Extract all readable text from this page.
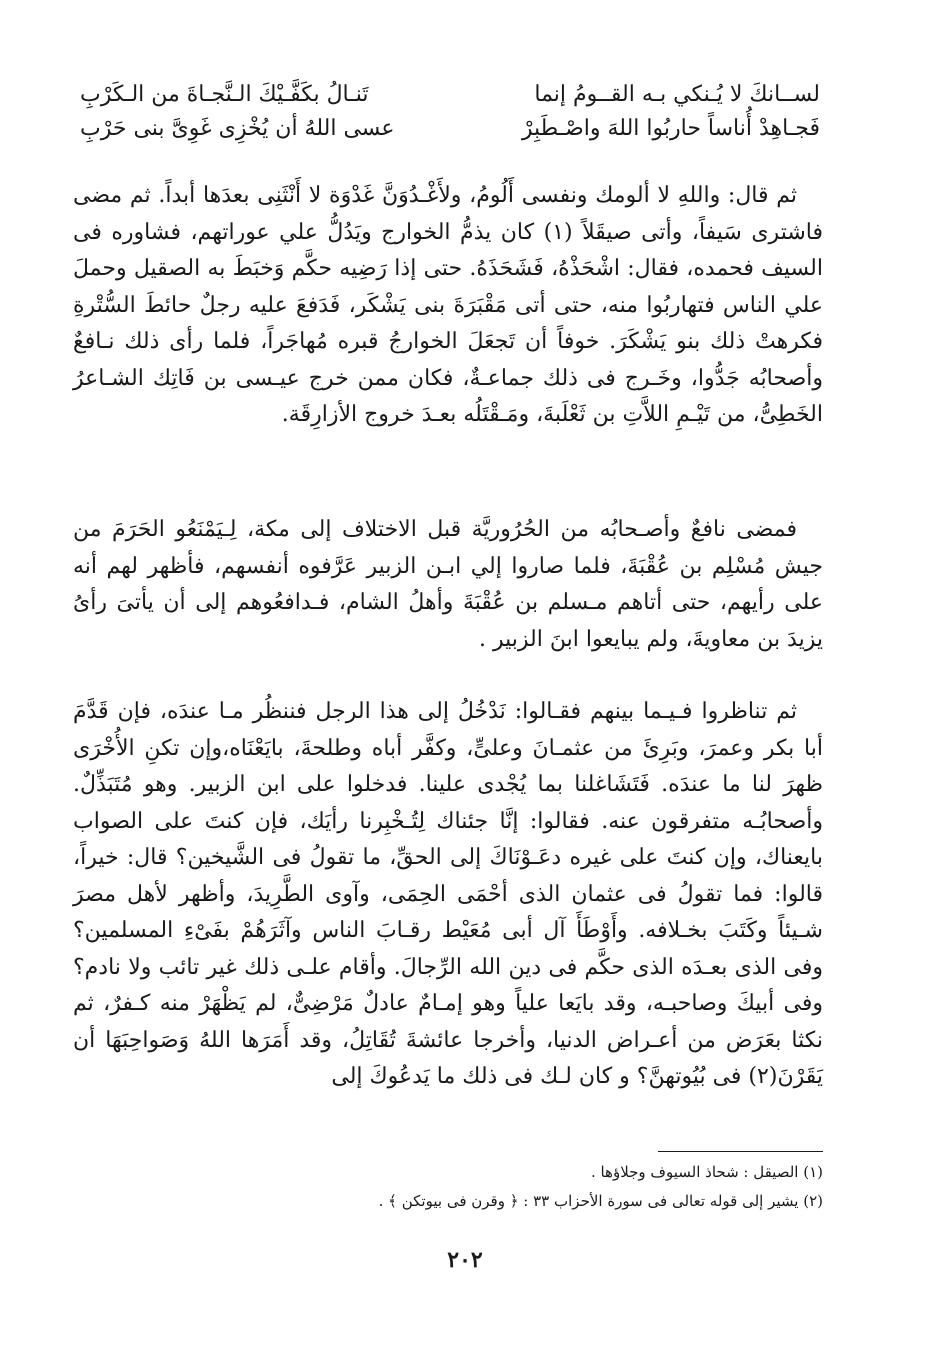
لســانكَ لا يُـنكي بـه القــومُ إنما
تَنـالُ بكَفَّـيْكَ الـنَّجـاةَ من الـكَرْبِ
فَجـاهِدْ أُناساً حاربُوا اللهَ واصْـطَبِرْ
عسى اللهُ أن يُخْزِى غَوِىَّ بنى حَرْبِ

ثم قال: واللهِ لا ألومك ونفسى أَلُومُ، ولأَغْـدُوَنَّ غَدْوَة لا أَنْثَنِى بعدَها أبداً. ثم مضى فاشترى سَيفاً، وأتى صيقَلاً (١) كان يذمُّ الخوارج ويَدُلُّ علي عوراتهم، فشاوره فى السيف فحمده، فقال: اشْحَذْهُ، فَشَحَذَهُ. حتى إذا رَضِيه حكَّم وَخبَطَ به الصقيل وحملَ علي الناس فتهاربُوا منه، حتى أتى مَقْبَرَةَ بنى يَشْكَر، فَدَفعَ عليه رجلٌ حائطَ السُّتْرةِ فكرهتْ ذلك بنو يَشْكَرَ. خوفاً أن تَجعَلَ الخوارجُ قبره مُهاجَراً، فلما رأى ذلك نـافعٌ وأصحابُه جَدُّوا، وخَـرج فى ذلك جماعـةٌ، فكان ممن خرج عيـسى بن فَاتِك الشـاعرُ الخَطِىُّ، من تَيْـمِ اللاَّتِ بن ثَعْلَبةَ، ومَـقْتَلُه بعـدَ خروج الأزارِقَة.

فمضى نافعٌ وأصـحابُه من الحُرُوريَّة قبل الاختلاف إلى مكة، لِـيَمْنَعُو الحَرَمَ من جيش مُسْلِم بن عُقْبَةَ، فلما صاروا إلي ابـن الزبير عَرَّفوه أنفسهم، فأظهر لهم أنه على رأيهم، حتى أتاهم مـسلم بن عُقْبَةَ وأهلُ الشام، فـدافعُوهم إلى أن يأتىَ رأىُ يزيدَ بن معاويةَ، ولم يبايعوا ابنَ الزبير .

ثم تناظروا فـيـما بينهم فقـالوا: نَدْخُلُ إلى هذا الرجل فننظُر مـا عندَه، فإن قَدَّمَ أبا بكر وعمرَ، وبَرِئَ من عثمـانَ وعلىٍّ، وكفَّر أباه وطلحةَ، بايَعْنَاه،وإن تكنِ الأُخْرَى ظهرَ لنا ما عندَه. فَتَشَاغلنا بما يُجْدى علينا. فدخلوا على ابن الزبير. وهو مُتَبَذِّلٌ. وأصحابُـه متفرقون عنه. فقالوا: إنَّا جئناك لِتُـخْبِرنا رأيَك، فإن كنتَ على الصواب بايعناك، وإن كنتَ على غيره دعَـوْنَاكَ إلى الحقِّ، ما تقولُ فى الشَّيخين؟ قال: خيراً، قالوا: فما تقولُ فى عثمان الذى أحْمَى الحِمَى، وآوى الطَّرِيدَ، وأظهر لأهل مصرَ شـيئاً وكَتَبَ بخـلافه. وأَوْطَأَ آل أبى مُعَيْط رقـابَ الناس وآثَرَهُمْ بفَىْءِ المسلمين؟ وفى الذى بعـدَه الذى حكَّم فى دين الله الرِّجالَ. وأقام علـى ذلك غير تائب ولا نادم؟ وفى أبيكَ وصاحبـه، وقد بايَعا علياً وهو إمـامٌ عادلٌ مَرْضِىٌّ، لم يَظْهَرْ منه كـفرٌ، ثم نكثا بعَرَض من أعـراض الدنيا، وأخرجا عائشةَ تُقَاتِلُ، وقد أَمَرَها اللهُ وَصَواحِبَهَا أن يَقَرْنَ(٢) فى بُيُوتهنَّ؟ و كان لـك فى ذلك ما يَدعُوكَ إلى

(١) الصيقل : شحاذ السيوف وجلاؤها .
(٢) يشير إلى قوله تعالى فى سورة الأحزاب ٣٣ : ﴿ وقرن فى بيوتكن ﴾ .
٢٠٢
